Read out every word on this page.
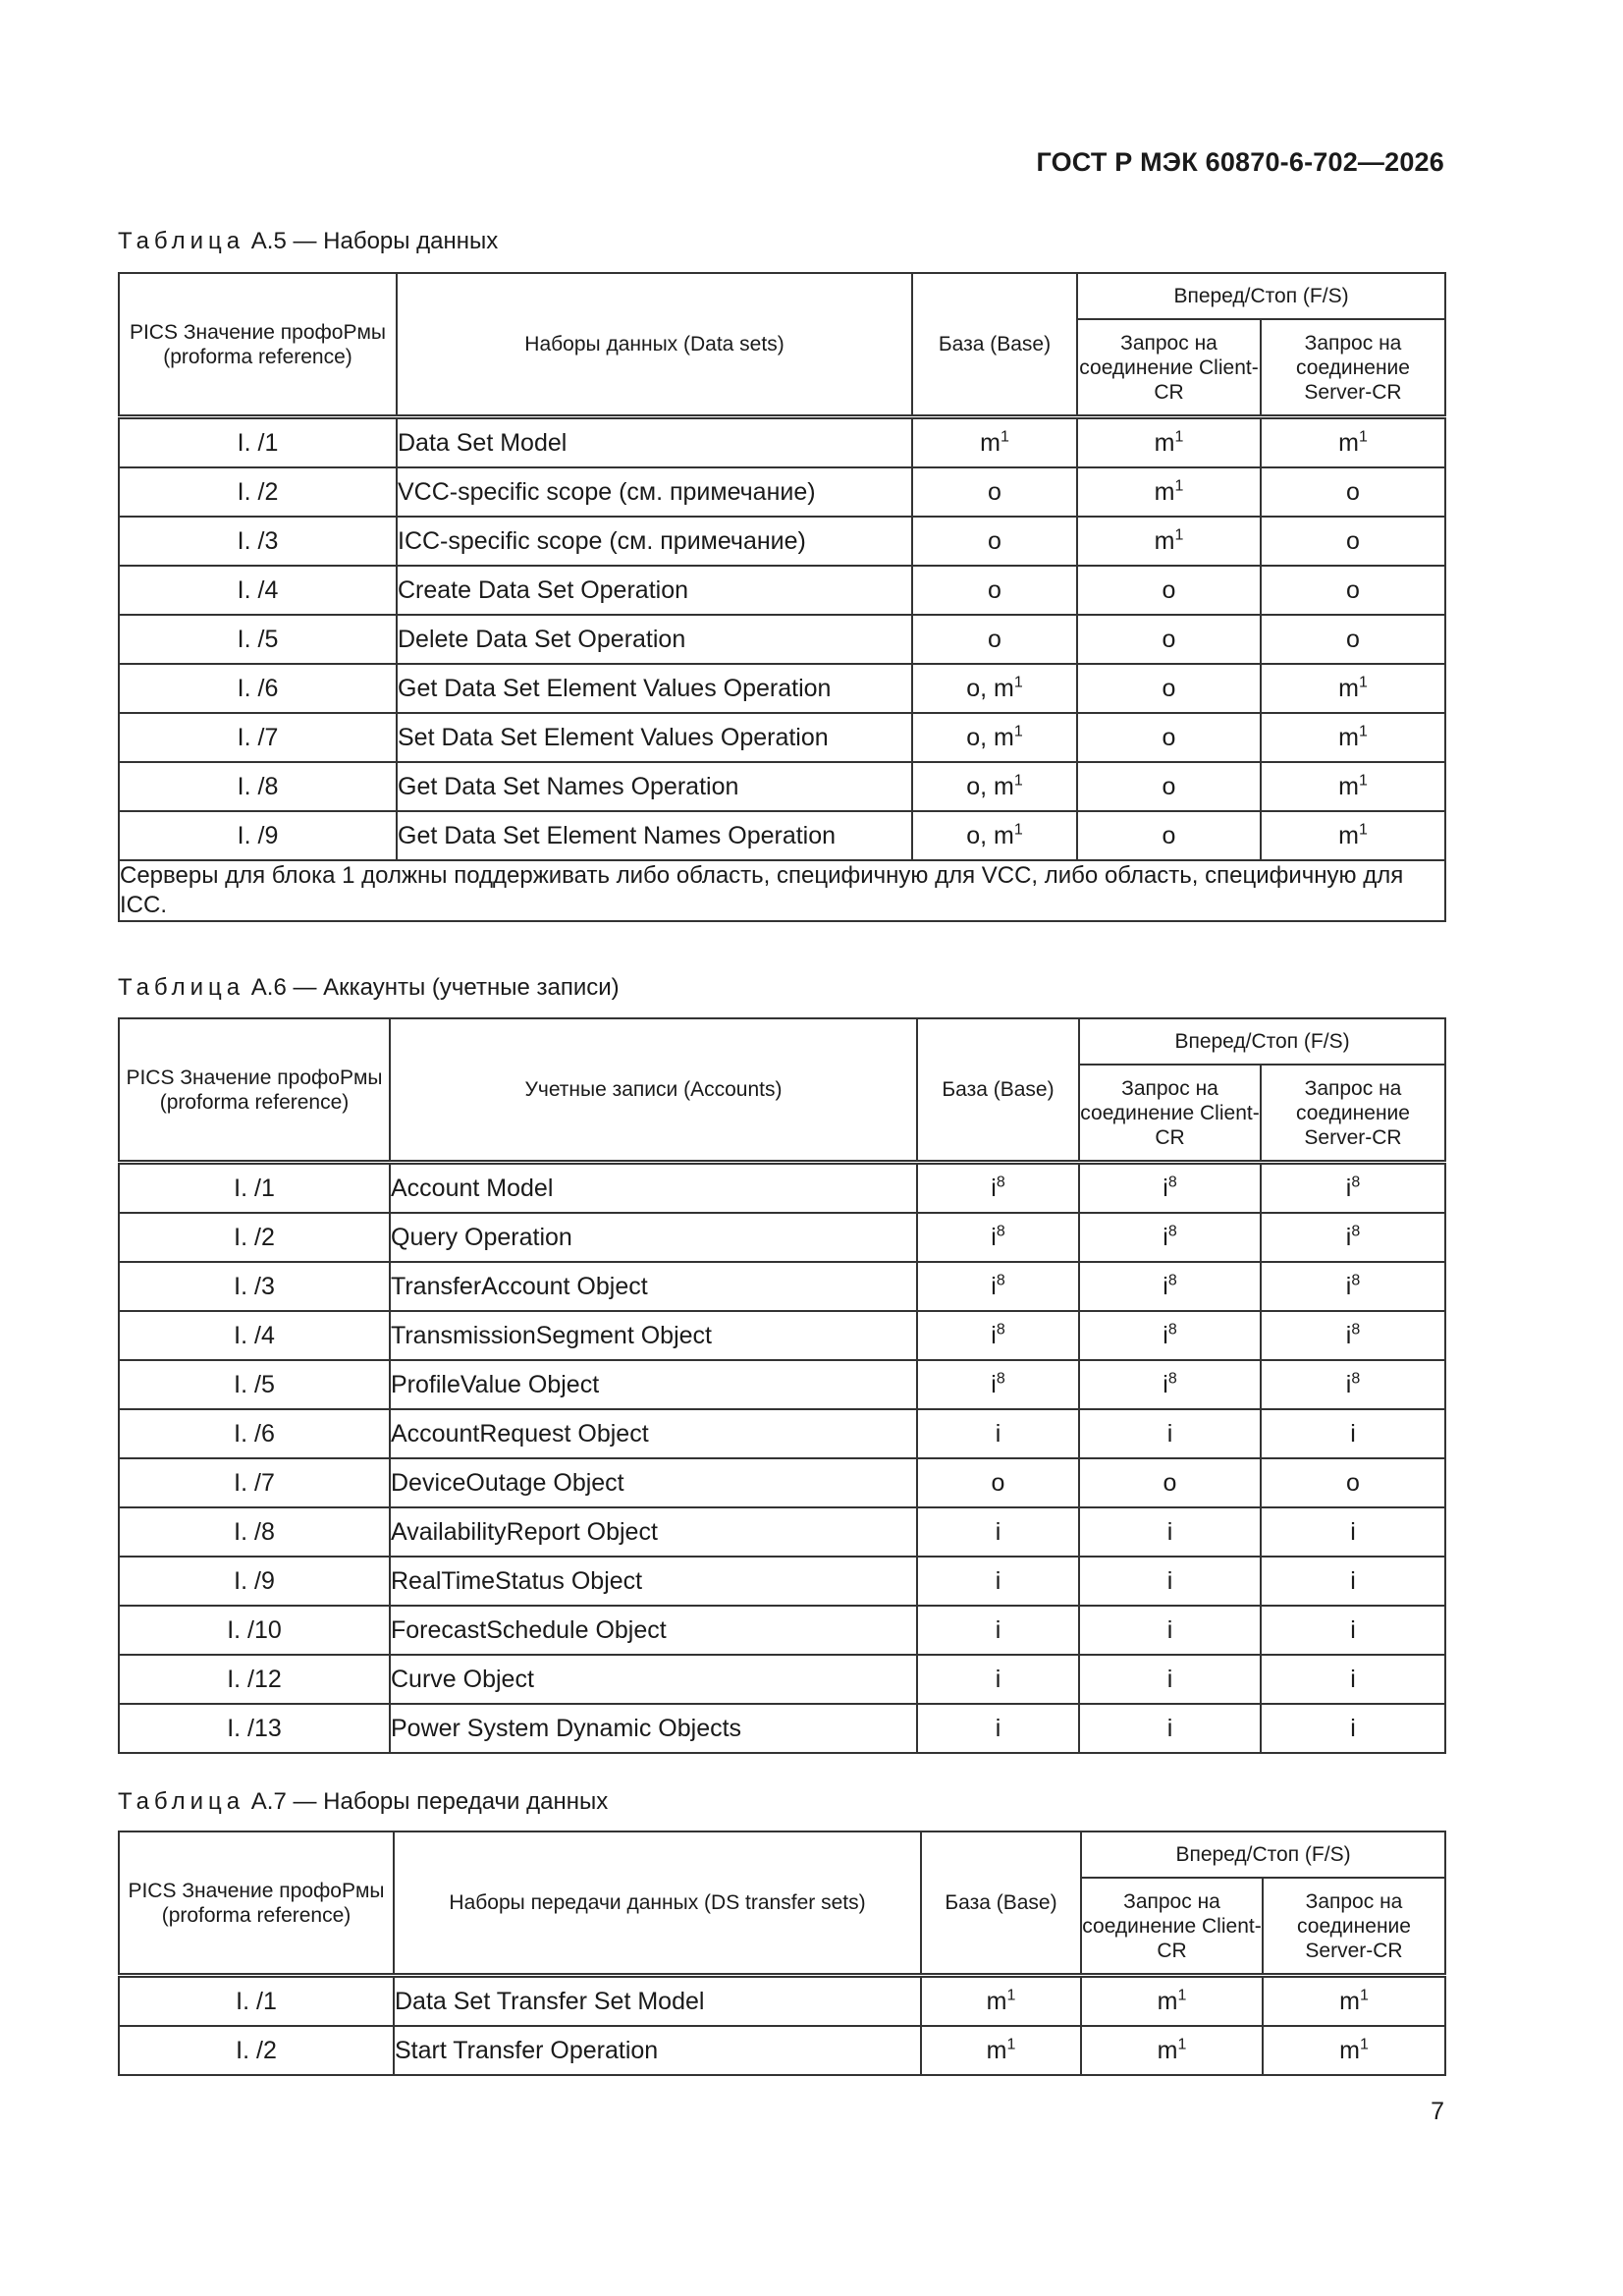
ГОСТ Р МЭК 60870-6-702—2026
Таблица А.5 — Наборы данных
PICS Значение профоРмы (proforma reference)	Наборы данных (Data sets)	База (Base)	Вперед/Стоп (F/S)	
			Запрос на соединение Client-CR	Запрос на соединение Server-CR
I. /1	Data Set Model	$m^1$	$m^1$	$m^1$
I. /2	VCC-specific scope (см. примечание)	o	$m^1$	o
I. /3	ICC-specific scope (см. примечание)	o	$m^1$	o
I. /4	Create Data Set Operation	o	o	o
I. /5	Delete Data Set Operation	o	o	o
I. /6	Get Data Set Element Values Operation	o, $m^1$	o	$m^1$
I. /7	Set Data Set Element Values Operation	o, $m^1$	o	$m^1$
I. /8	Get Data Set Names Operation	o, $m^1$	o	$m^1$
I. /9	Get Data Set Element Names Operation	o, $m^1$	o	$m^1$
Серверы для блока 1 должны поддерживать либо область, специфичную для VCC, либо область, специфичную для ICC.				
Таблица А.6 — Аккаунты (учетные записи)
PICS Значение профоРмы (proforma reference)	Учетные записи (Accounts)	База (Base)	Вперед/Стоп (F/S)	
			Запрос на соединение Client-CR	Запрос на соединение Server-CR
I. /1	Account Model	$i^8$	$i^8$	$i^8$
I. /2	Query Operation	$i^8$	$i^8$	$i^8$
I. /3	TransferAccount Object	$i^8$	$i^8$	$i^8$
I. /4	TransmissionSegment Object	$i^8$	$i^8$	$i^8$
I. /5	ProfileValue Object	$i^8$	$i^8$	$i^8$
I. /6	AccountRequest Object	i	i	i
I. /7	DeviceOutage Object	o	o	o
I. /8	AvailabilityReport Object	i	i	i
I. /9	RealTimeStatus Object	i	i	i
I. /10	ForecastSchedule Object	i	i	i
I. /12	Curve Object	i	i	i
I. /13	Power System Dynamic Objects	i	i	i
Таблица А.7 — Наборы передачи данных
PICS Значение профоРмы (proforma reference)	Наборы передачи данных (DS transfer sets)	База (Base)	Вперед/Стоп (F/S)	
			Запрос на соединение Client-CR	Запрос на соединение Server-CR
I. /1	Data Set Transfer Set Model	$m^1$	$m^1$	$m^1$
I. /2	Start Transfer Operation	$m^1$	$m^1$	$m^1$
7
